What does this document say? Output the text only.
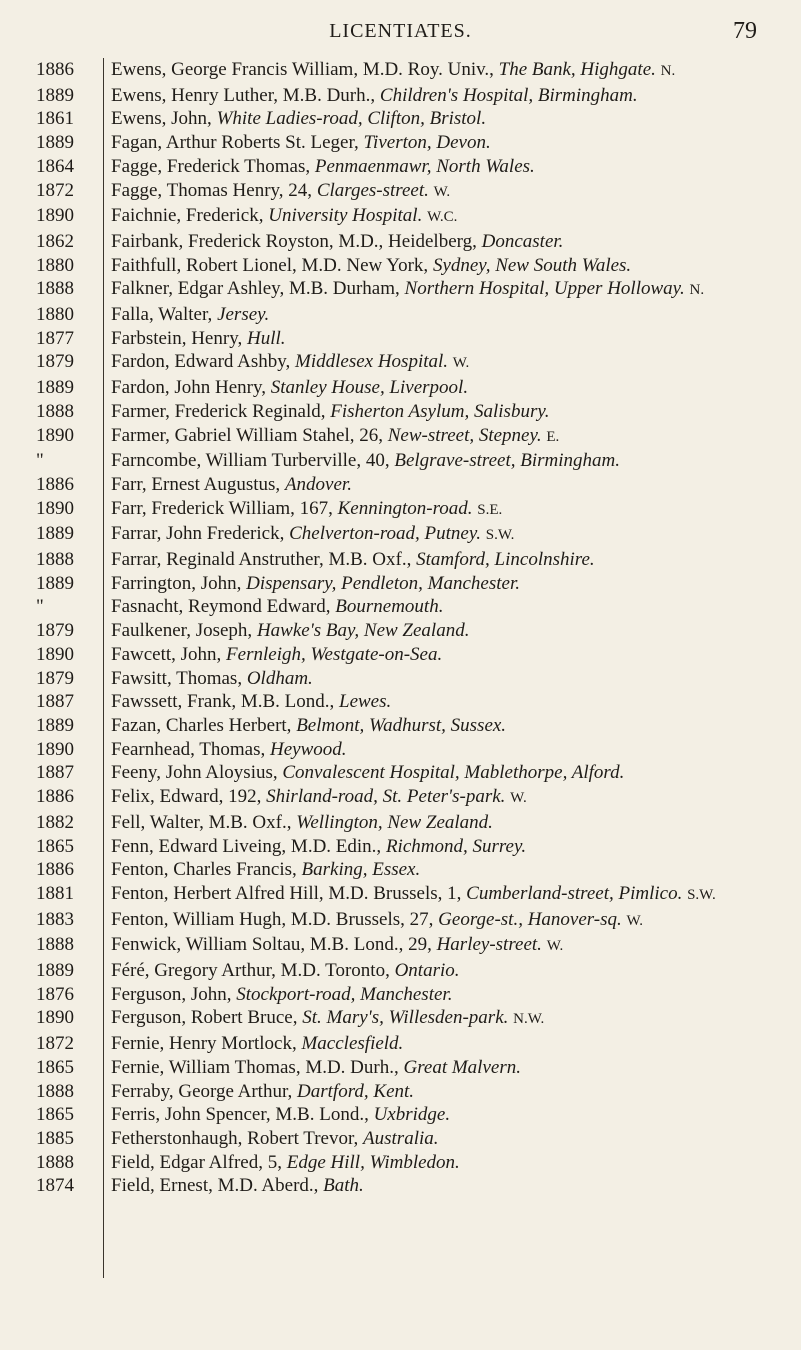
LICENTIATES.	79
1886	Ewens, George Francis William, M.D. Roy. Univ., The Bank, Highgate. N.
1889	Ewens, Henry Luther, M.B. Durh., Children's Hospital, Birmingham.
1861	Ewens, John, White Ladies-road, Clifton, Bristol.
1889	Fagan, Arthur Roberts St. Leger, Tiverton, Devon.
1864	Fagge, Frederick Thomas, Penmaenmawr, North Wales.
1872	Fagge, Thomas Henry, 24, Clarges-street. W.
1890	Faichnie, Frederick, University Hospital. W.C.
1862	Fairbank, Frederick Royston, M.D., Heidelberg, Doncaster.
1880	Faithfull, Robert Lionel, M.D. New York, Sydney, New South Wales.
1888	Falkner, Edgar Ashley, M.B. Durham, Northern Hospital, Upper Holloway. N.
1880	Falla, Walter, Jersey.
1877	Farbstein, Henry, Hull.
1879	Fardon, Edward Ashby, Middlesex Hospital. W.
1889	Fardon, John Henry, Stanley House, Liverpool.
1888	Farmer, Frederick Reginald, Fisherton Asylum, Salisbury.
1890	Farmer, Gabriel William Stahel, 26, New-street, Stepney. E.
"	Farncombe, William Turberville, 40, Belgrave-street, Birmingham.
1886	Farr, Ernest Augustus, Andover.
1890	Farr, Frederick William, 167, Kennington-road. S.E.
1889	Farrar, John Frederick, Chelverton-road, Putney. S.W.
1888	Farrar, Reginald Anstruther, M.B. Oxf., Stamford, Lincolnshire.
1889	Farrington, John, Dispensary, Pendleton, Manchester.
"	Fasnacht, Reymond Edward, Bournemouth.
1879	Faulkener, Joseph, Hawke's Bay, New Zealand.
1890	Fawcett, John, Fernleigh, Westgate-on-Sea.
1879	Fawsitt, Thomas, Oldham.
1887	Fawssett, Frank, M.B. Lond., Lewes.
1889	Fazan, Charles Herbert, Belmont, Wadhurst, Sussex.
1890	Fearnhead, Thomas, Heywood.
1887	Feeny, John Aloysius, Convalescent Hospital, Mablethorpe, Alford.
1886	Felix, Edward, 192, Shirland-road, St. Peter's-park. W.
1882	Fell, Walter, M.B. Oxf., Wellington, New Zealand.
1865	Fenn, Edward Liveing, M.D. Edin., Richmond, Surrey.
1886	Fenton, Charles Francis, Barking, Essex.
1881	Fenton, Herbert Alfred Hill, M.D. Brussels, 1, Cumberland-street, Pimlico. S.W.
1883	Fenton, William Hugh, M.D. Brussels, 27, George-st., Hanover-sq. W.
1888	Fenwick, William Soltau, M.B. Lond., 29, Harley-street. W.
1889	Féré, Gregory Arthur, M.D. Toronto, Ontario.
1876	Ferguson, John, Stockport-road, Manchester.
1890	Ferguson, Robert Bruce, St. Mary's, Willesden-park. N.W.
1872	Fernie, Henry Mortlock, Macclesfield.
1865	Fernie, William Thomas, M.D. Durh., Great Malvern.
1888	Ferraby, George Arthur, Dartford, Kent.
1865	Ferris, John Spencer, M.B. Lond., Uxbridge.
1885	Fetherstonhaugh, Robert Trevor, Australia.
1888	Field, Edgar Alfred, 5, Edge Hill, Wimbledon.
1874	Field, Ernest, M.D. Aberd., Bath.
